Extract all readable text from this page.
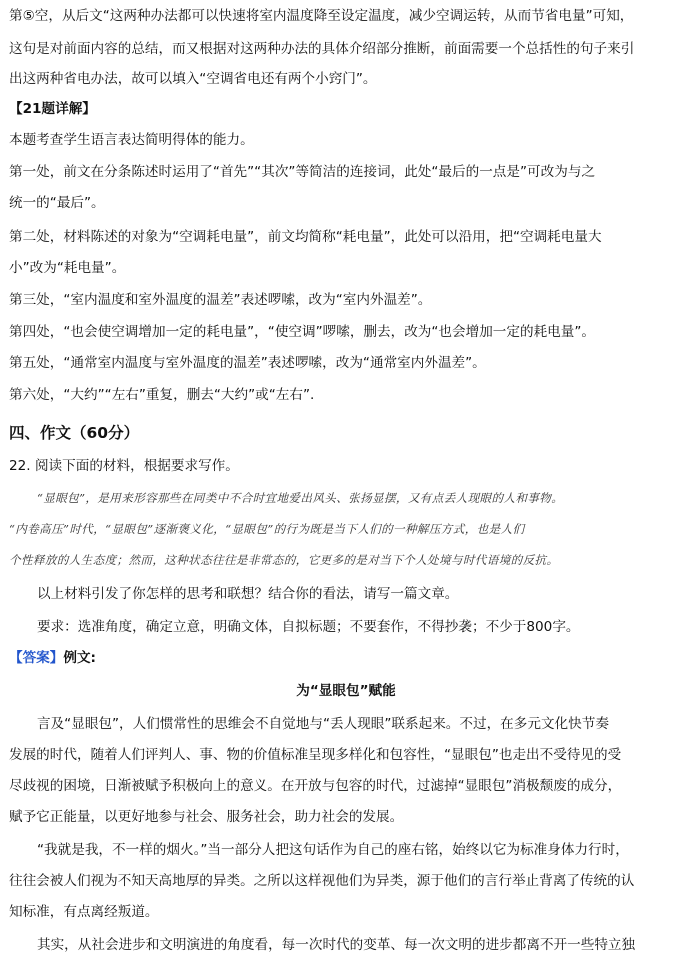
第⑤空，从后文“这两种办法都可以快速将室内温度降至设定温度，减少空调运转，从而节省电量”可知，
这句是对前面内容的总结，而又根据对这两种办法的具体介绍部分推断，前面需要一个总括性的句子来引
出这两种省电办法，故可以填入“空调省电还有两个小窍门”。
【21题详解】
本题考查学生语言表达简明得体的能力。
第一处，前文在分条陈述时运用了“首先”“其次”等简洁的连接词，此处“最后的一点是”可改为与之
统一的“最后”。
第二处，材料陈述的对象为“空调耗电量”，前文均简称“耗电量”，此处可以沿用，把“空调耗电量大
小”改为“耗电量”。
第三处，“室内温度和室外温度的温差”表述啰嗦，改为“室内外温差”。
第四处，“也会使空调增加一定的耗电量”，“使空调”啰嗦，删去，改为“也会增加一定的耗电量”。
第五处，“通常室内温度与室外温度的温差”表述啰嗦，改为“通常室内外温差”。
第六处，“大约”“左右”重复，删去“大约”或“左右”.
四、作文（60分）
22. 阅读下面的材料，根据要求写作。
“显眼包”，是用来形容那些在同类中不合时宜地爱出风头、张扬显摆，又有点丢人现眼的人和事物。
“内卷高压”时代，“显眼包”逐渐褒义化，“显眼包”的行为既是当下人们的一种解压方式，也是人们
个性释放的人生态度；然而，这种状态往往是非常态的，它更多的是对当下个人处境与时代语境的反抗。
以上材料引发了你怎样的思考和联想？结合你的看法，请写一篇文章。
要求：选准角度，确定立意，明确文体，自拟标题；不要套作，不得抄袭；不少于800字。
【答案】例文:
为“显眼包”赋能
言及“显眼包”，人们惯常性的思维会不自觉地与“丢人现眼”联系起来。不过，在多元文化快节奏
发展的时代，随着人们评判人、事、物的价值标准呈现多样化和包容性，“显眼包”也走出不受待见的受
尽歧视的困境，日渐被赋予积极向上的意义。在开放与包容的时代，过滤掉“显眼包”消极颓废的成分，
赋予它正能量，以更好地参与社会、服务社会，助力社会的发展。
“我就是我，不一样的烟火。”当一部分人把这句话作为自己的座右铭，始终以它为标准身体力行时，
往往会被人们视为不知天高地厚的异类。之所以这样视他们为异类，源于他们的言行举止背离了传统的认
知标准，有点离经叛道。
其实，从社会进步和文明演进的角度看，每一次时代的变革、每一次文明的进步都离不开一些特立独
